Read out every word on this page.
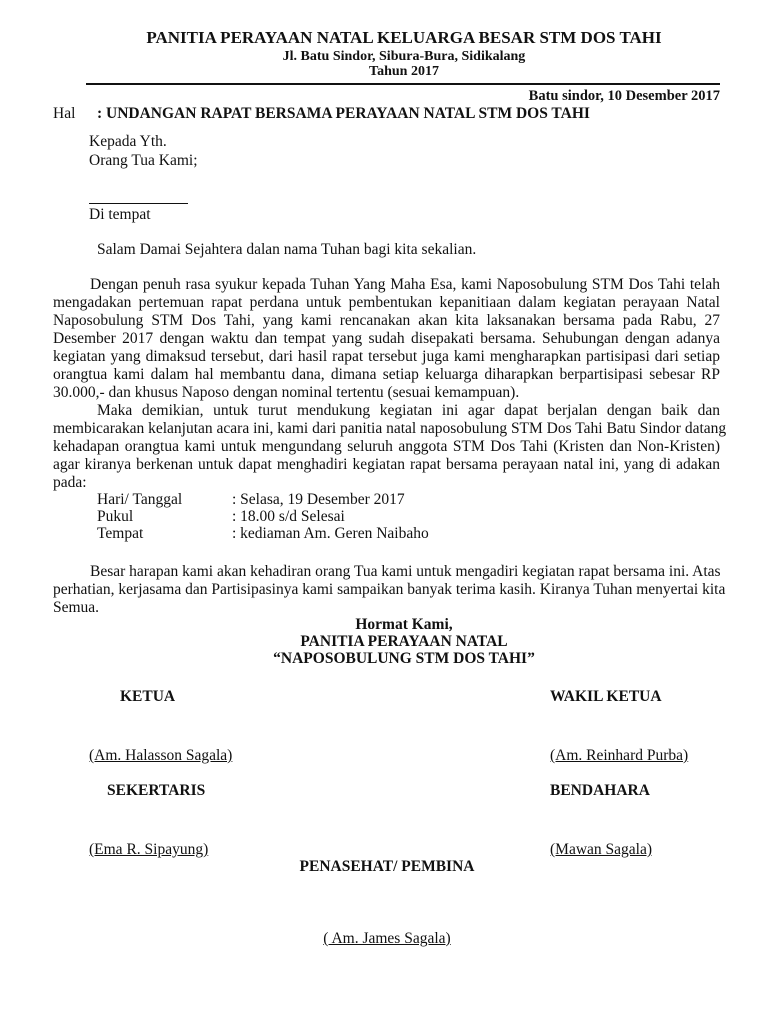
PANITIA PERAYAAN NATAL KELUARGA BESAR STM DOS TAHI
Jl. Batu Sindor, Sibura-Bura, Sidikalang
Tahun 2017
Batu sindor, 10 Desember 2017
Hal : UNDANGAN RAPAT BERSAMA PERAYAAN NATAL STM DOS TAHI
Kepada Yth.
Orang Tua Kami;
Di tempat
Salam Damai Sejahtera dalan nama Tuhan bagi kita sekalian.
Dengan penuh rasa syukur kepada Tuhan Yang Maha Esa, kami Naposobulung STM Dos Tahi telah
mengadakan pertemuan rapat perdana untuk pembentukan kepanitiaan dalam kegiatan perayaan Natal
Naposobulung STM Dos Tahi, yang kami rencanakan akan kita laksanakan bersama pada Rabu, 27
Desember 2017 dengan waktu dan tempat yang sudah disepakati bersama. Sehubungan dengan adanya
kegiatan yang dimaksud tersebut, dari hasil rapat tersebut juga kami mengharapkan partisipasi dari setiap
orangtua kami dalam hal membantu dana, dimana setiap keluarga diharapkan berpartisipasi sebesar RP
30.000,- dan khusus Naposo dengan nominal tertentu (sesuai kemampuan).
Maka demikian, untuk turut mendukung kegiatan ini agar dapat berjalan dengan baik dan
membicarakan kelanjutan acara ini, kami dari panitia natal naposobulung STM Dos Tahi Batu Sindor datang
kehadapan orangtua kami untuk mengundang seluruh anggota STM Dos Tahi (Kristen dan Non-Kristen)
agar kiranya berkenan untuk dapat menghadiri kegiatan rapat bersama perayaan natal ini, yang di adakan
pada:
Hari/ Tanggal	: Selasa, 19 Desember 2017
Pukul	: 18.00 s/d Selesai
Tempat	: kediaman Am. Geren Naibaho
Besar harapan kami akan kehadiran orang Tua kami untuk mengadiri kegiatan rapat bersama ini. Atas
perhatian, kerjasama dan Partisipasinya kami sampaikan banyak terima kasih. Kiranya Tuhan menyertai kita
Semua.
Hormat Kami,
PANITIA PERAYAAN NATAL
“NAPOSOBULUNG STM DOS TAHI”
KETUA	WAKIL KETUA
(Am. Halasson Sagala)	(Am. Reinhard Purba)
SEKERTARIS	BENDAHARA
(Ema R. Sipayung)	(Mawan Sagala)
PENASEHAT/ PEMBINA
( Am. James Sagala)
